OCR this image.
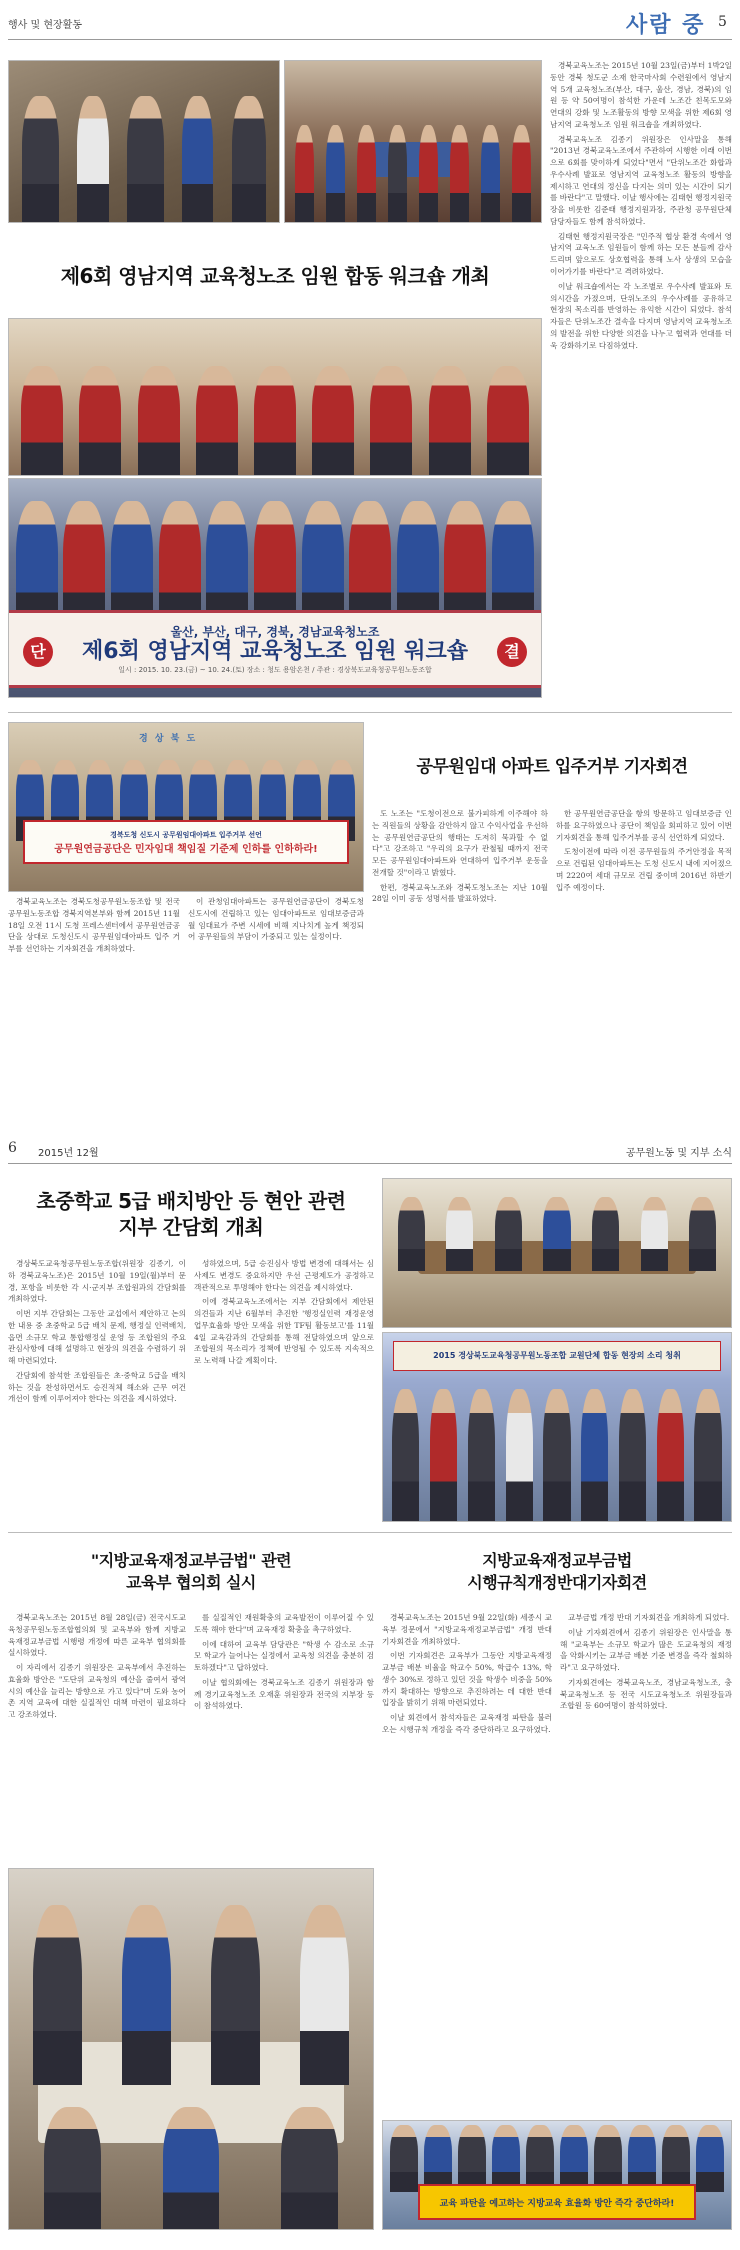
행사 및 현장활동	사람 중 5
제6회 영남지역 교육청노조 임원 합동 워크숍 개최
울산, 부산, 대구, 경북, 경남교육청노조
제6회 영남지역 교육청노조 임원 워크숍
일시 : 2015. 10. 23.(금) ~ 10. 24.(토) 장소 : 청도 용암온천 / 주관 : 경상북도교육청공무원노동조합
단	결

경북교육노조는 2015년 10월 23일(금)부터 1박2일동안 경북 청도군 소재 한국마사회 수련원에서 영남지역 5개 교육청노조(부산, 대구, 울산, 경남, 경북)의 임원 등 약 50여명이 참석한 가운데 노조간 친목도모와 연대의 강화 및 노조활동의 방향 모색을 위한 제6회 영남지역 교육청노조 임원 워크숍을 개최하였다.

경북교육노조 김종기 위원장은 인사말을 통해 "2013년 경북교육노조에서 주관하여 시행한 이래 이번으로 6회를 맞이하게 되었다"면서 "단위노조간 화합과 우수사례 발표로 영남지역 교육청노조 활동의 방향을 제시하고 연대의 정신을 다지는 의미 있는 시간이 되기를 바란다"고 말했다. 이날 행사에는 김태현 행정지원국장을 비롯한 김준태 행정지원과장, 주관청 공무원단체 담당자들도 함께 참석하였다.

김태현 행정지원국장은 "민주적 협상 환경 속에서 영남지역 교육노조 임원들이 함께 하는 모든 분들께 감사드리며 앞으로도 상호협력을 통해 노사 상생의 모습을 이어가기를 바란다"고 격려하였다.

이날 워크숍에서는 각 노조별로 우수사례 발표와 토의시간을 가졌으며, 단위노조의 우수사례를 공유하고 현장의 목소리를 반영하는 유익한 시간이 되었다. 참석자들은 단위노조간 결속을 다지며 영남지역 교육청노조의 발전을 위한 다양한 의견을 나누고 협력과 연대를 더욱 강화하기로 다짐하였다.

경 상 북 도
경북도청 신도시 공무원임대아파트 입주거부 선언
공무원연금공단은 민자임대 책임질 기준제 인하를 인하하라!
공무원임대 아파트 입주거부 기자회견

경북교육노조는 경북도청공무원노동조합 및 전국공무원노동조합 경북지역본부와 함께 2015년 11월 18일 오전 11시 도청 프레스센터에서 공무원연금공단을 상대로 도청신도시 공무원임대아파트 입주 거부를 선언하는 기자회견을 개최하였다.

이 관청임대아파트는 공무원연금공단이 경북도청 신도시에 건립하고 있는 임대아파트로 임대보증금과 월 임대료가 주변 시세에 비해 지나치게 높게 책정되어 공무원들의 부담이 가중되고 있는 실정이다.

도 노조는 "도청이전으로 불가피하게 이주해야 하는 직원들의 상황을 감안하지 않고 수익사업을 우선하는 공무원연금공단의 행태는 도저히 묵과할 수 없다"고 강조하고 "우리의 요구가 관철될 때까지 전국 모든 공무원임대아파트와 연대하여 입주거부 운동을 전개할 것"이라고 밝혔다.

한편, 경북교육노조와 경북도청노조는 지난 10월 28일 이미 공동 성명서를 발표하였다.

한 공무원연금공단을 항의 방문하고 임대보증금 인하를 요구하였으나 공단이 책임을 회피하고 있어 이번 기자회견을 통해 입주거부를 공식 선언하게 되었다.

도청이전에 따라 이전 공무원들의 주거안정을 목적으로 건립된 임대아파트는 도청 신도시 내에 지어졌으며 2220여 세대 규모로 건립 중이며 2016년 하반기 입주 예정이다.

6 2015년 12월	공무원노동 및 지부 소식
초중학교 5급 배치방안 등 현안 관련
지부 간담회 개최

경상북도교육청공무원노동조합(위원장 김종기, 이하 경북교육노조)은 2015년 10월 19일(월)부터 문경, 포항을 비롯한 각 시·군지부 조합원과의 간담회를 개최하였다.

이번 지부 간담회는 그동안 교섭에서 제안하고 논의한 내용 중 초중학교 5급 배치 문제, 행정실 인력배치, 읍면 소규모 학교 통합행정실 운영 등 조합원의 주요 관심사항에 대해 설명하고 현장의 의견을 수렴하기 위해 마련되었다.

간담회에 참석한 조합원들은 초·중학교 5급을 배치하는 것을 찬성하면서도 승진적체 해소와 근무 여건 개선이 함께 이루어져야 한다는 의견을 제시하였다.

성하였으며, 5급 승진심사 방법 변경에 대해서는 심사제도 변경도 중요하지만 우선 근평제도가 공정하고 객관적으로 투명해야 한다는 의견을 제시하였다.

이에 경북교육노조에서는 지부 간담회에서 제안된 의견들과 지난 6월부터 추진한 '행정실인력 재정운영 업무효율화 방안 모색을 위한 TF팀 활동보고'를 11월 4일 교육감과의 간담회를 통해 전달하였으며 앞으로 조합원의 목소리가 정책에 반영될 수 있도록 지속적으로 노력해 나갈 계획이다.

2015 경상북도교육청공무원노동조합 교원단체 합동 현장의 소리 청취
"지방교육재정교부금법" 관련
교육부 협의회 실시

경북교육노조는 2015년 8월 28일(금) 전국시도교육청공무원노동조합협의회 및 교육부와 함께 지방교육재정교부금법 시행령 개정에 따른 교육부 협의회를 실시하였다.

이 자리에서 김종기 위원장은 교육부에서 추진하는 효율화 방안은 "도단위 교육청의 예산을 줄여서 광역시의 예산을 늘리는 방향으로 가고 있다"며 도와 농어촌 지역 교육에 대한 실질적인 대책 마련이 필요하다고 강조하였다.

를 실질적인 재원확충의 교육발전이 이루어질 수 있도록 해야 한다"며 교육재정 확충을 촉구하였다.

이에 대하여 교육부 담당관은 "학생 수 감소로 소규모 학교가 늘어나는 실정에서 교육청 의견을 충분히 검토하겠다"고 답하였다.

이날 협의회에는 경북교육노조 김종기 위원장과 함께 경기교육청노조 오재훈 위원장과 전국의 지부장 등이 참석하였다.

지방교육재정교부금법
시행규칙개정반대기자회견

경북교육노조는 2015년 9월 22일(화) 세종시 교육부 정문에서 "지방교육재정교부금법" 개정 반대 기자회견을 개최하였다.

이번 기자회견은 교육부가 그동안 지방교육재정교부금 배분 비율을 학교수 50%, 학급수 13%, 학생수 30%로 정하고 있던 것을 학생수 비중을 50%까지 확대하는 방향으로 추진하려는 데 대한 반대 입장을 밝히기 위해 마련되었다.

이날 회견에서 참석자들은 교육재정 파탄을 불러오는 시행규칙 개정을 즉각 중단하라고 요구하였다.

교부금법 개정 반대 기자회견을 개최하게 되었다.

이날 기자회견에서 김종기 위원장은 인사말을 통해 "교육부는 소규모 학교가 많은 도교육청의 재정을 악화시키는 교부금 배분 기준 변경을 즉각 철회하라"고 요구하였다.

기자회견에는 경북교육노조, 경남교육청노조, 충북교육청노조 등 전국 시도교육청노조 위원장들과 조합원 등 60여명이 참석하였다.

교육 파탄을 예고하는 지방교육 효율화 방안 즉각 중단하라!
